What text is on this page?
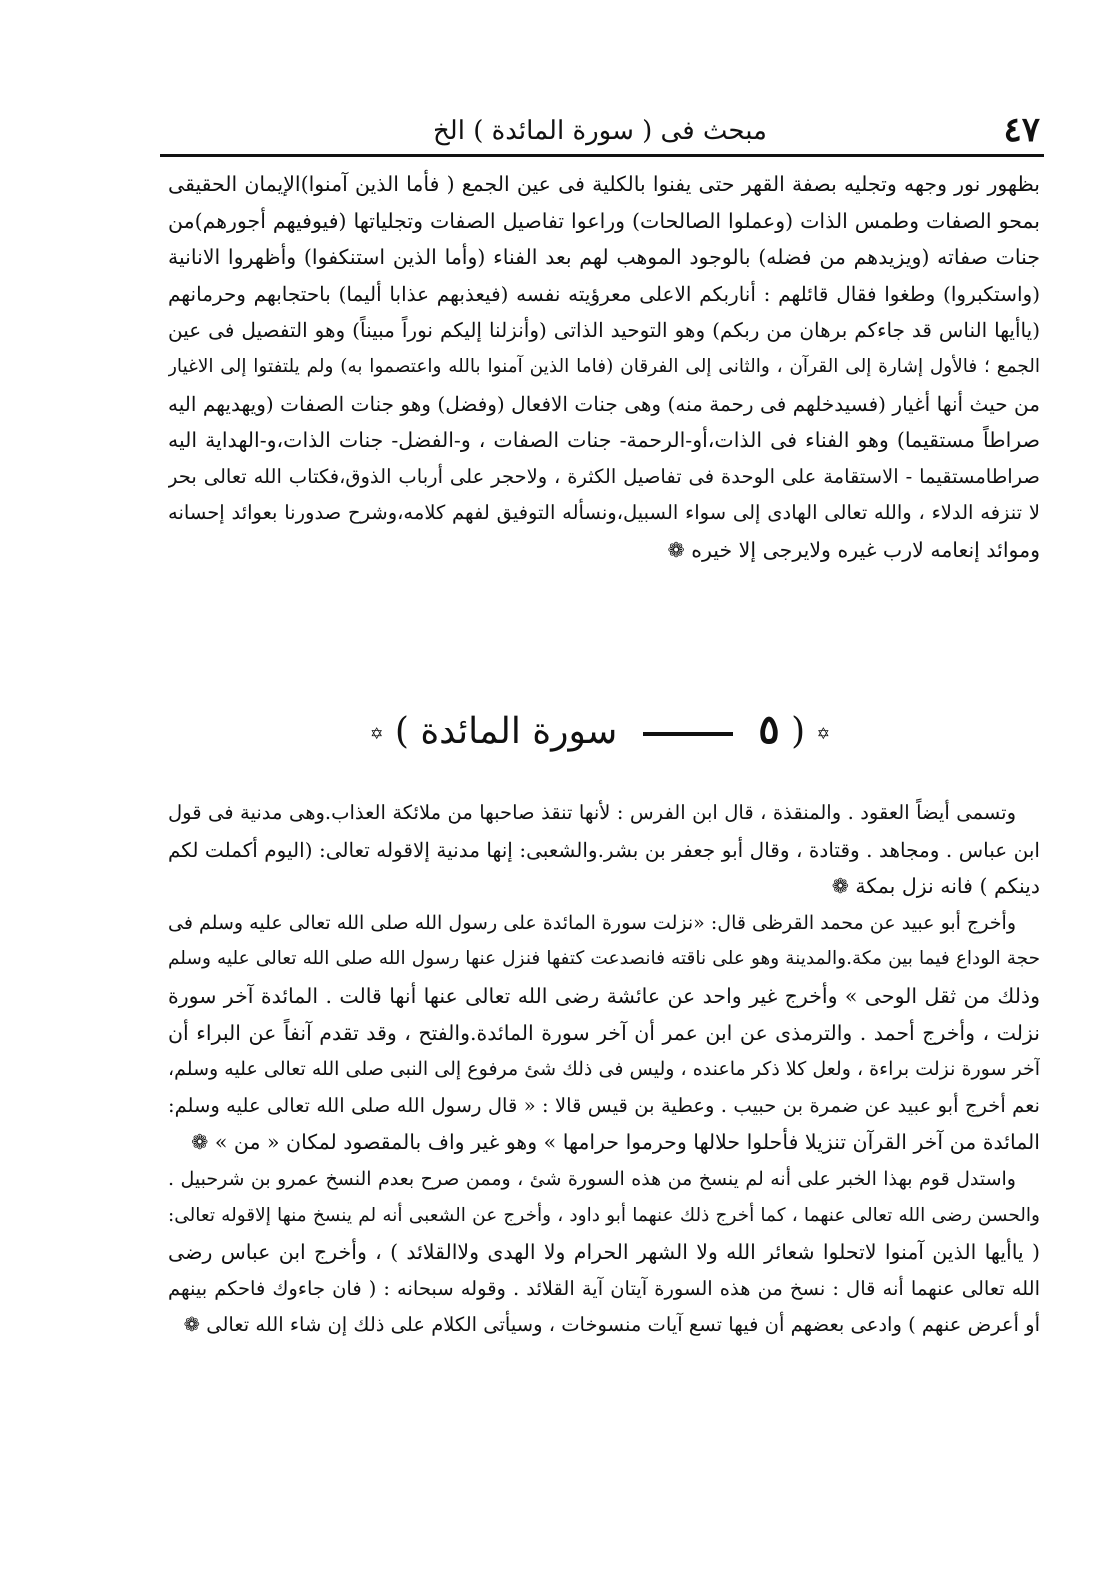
٤٧
مبحث فى ( سورة المائدة ) الخ
بظهور نور وجهه وتجليه بصفة القهر حتى يفنوا بالكلية فى عين الجمع ( فأما الذين آمنوا)الإيمان الحقيقى
بمحو الصفات وطمس الذات (وعملوا الصالحات) وراعوا تفاصيل الصفات وتجلياتها (فيوفيهم أجورهم)من
جنات صفاته (ويزيدهم من فضله) بالوجود الموهب لهم بعد الفناء (وأما الذين استنكفوا) وأظهروا الانانية
(واستكبروا) وطغوا فقال قائلهم : أناربكم الاعلى معرؤيته نفسه (فيعذبهم عذابا أليما) باحتجابهم وحرمانهم
(ياأيها الناس قد جاءكم برهان من ربكم) وهو التوحيد الذاتى (وأنزلنا إليكم نوراً مبيناً) وهو التفصيل فى عين
الجمع ؛ فالأول إشارة إلى القرآن ، والثانى إلى الفرقان (فاما الذين آمنوا بالله واعتصموا به) ولم يلتفتوا إلى الاغيار
من حيث أنها أغيار (فسيدخلهم فى رحمة منه) وهى جنات الافعال (وفضل) وهو جنات الصفات (ويهديهم اليه
صراطاً مستقيما) وهو الفناء فى الذات،أو-الرحمة- جنات الصفات ، و-الفضل- جنات الذات،و-الهداية اليه
صراطامستقيما - الاستقامة على الوحدة فى تفاصيل الكثرة ، ولاحجر على أرباب الذوق،فكتاب الله تعالى بحر
لا تنزفه الدلاء ، والله تعالى الهادى إلى سواء السبيل،ونسأله التوفيق لفهم كلامه،وشرح صدورنا بعوائد إحسانه
وموائد إنعامه لارب غيره ولايرجى إلا خيره ❁
✡ ( ٥  سورة المائدة ) ✡
وتسمى أيضاً العقود . والمنقذة ، قال ابن الفرس : لأنها تنقذ صاحبها من ملائكة العذاب.وهى مدنية فى قول
ابن عباس . ومجاهد . وقتادة ، وقال أبو جعفر بن بشر.والشعبى: إنها مدنية إلاقوله تعالى: (اليوم أكملت لكم
دينكم ) فانه نزل بمكة ❁
وأخرج أبو عبيد عن محمد القرظى قال: «نزلت سورة المائدة على رسول الله صلى الله تعالى عليه وسلم فى
حجة الوداع فيما بين مكة.والمدينة وهو على ناقته فانصدعت كتفها فنزل عنها رسول الله صلى الله تعالى عليه وسلم
وذلك من ثقل الوحى » وأخرج غير واحد عن عائشة رضى الله تعالى عنها أنها قالت . المائدة آخر سورة
نزلت ، وأخرج أحمد . والترمذى عن ابن عمر أن آخر سورة المائدة.والفتح ، وقد تقدم آنفاً عن البراء أن
آخر سورة نزلت براءة ، ولعل كلا ذكر ماعنده ، وليس فى ذلك شئ مرفوع إلى النبى صلى الله تعالى عليه وسلم،
نعم أخرج أبو عبيد عن ضمرة بن حبيب . وعطية بن قيس قالا : « قال رسول الله صلى الله تعالى عليه وسلم:
المائدة من آخر القرآن تنزيلا فأحلوا حلالها وحرموا حرامها » وهو غير واف بالمقصود لمكان « من » ❁
واستدل قوم بهذا الخبر على أنه لم ينسخ من هذه السورة شئ ، وممن صرح بعدم النسخ عمرو بن شرحبيل .
والحسن رضى الله تعالى عنهما ، كما أخرج ذلك عنهما أبو داود ، وأخرج عن الشعبى أنه لم ينسخ منها إلاقوله تعالى:
( ياأيها الذين آمنوا لاتحلوا شعائر الله ولا الشهر الحرام ولا الهدى ولاالقلائد ) ، وأخرج ابن عباس رضى
الله تعالى عنهما أنه قال : نسخ من هذه السورة آيتان آية القلائد . وقوله سبحانه : ( فان جاءوك فاحكم بينهم
أو أعرض عنهم ) وادعى بعضهم أن فيها تسع آيات منسوخات ، وسيأتى الكلام على ذلك إن شاء الله تعالى ❁
